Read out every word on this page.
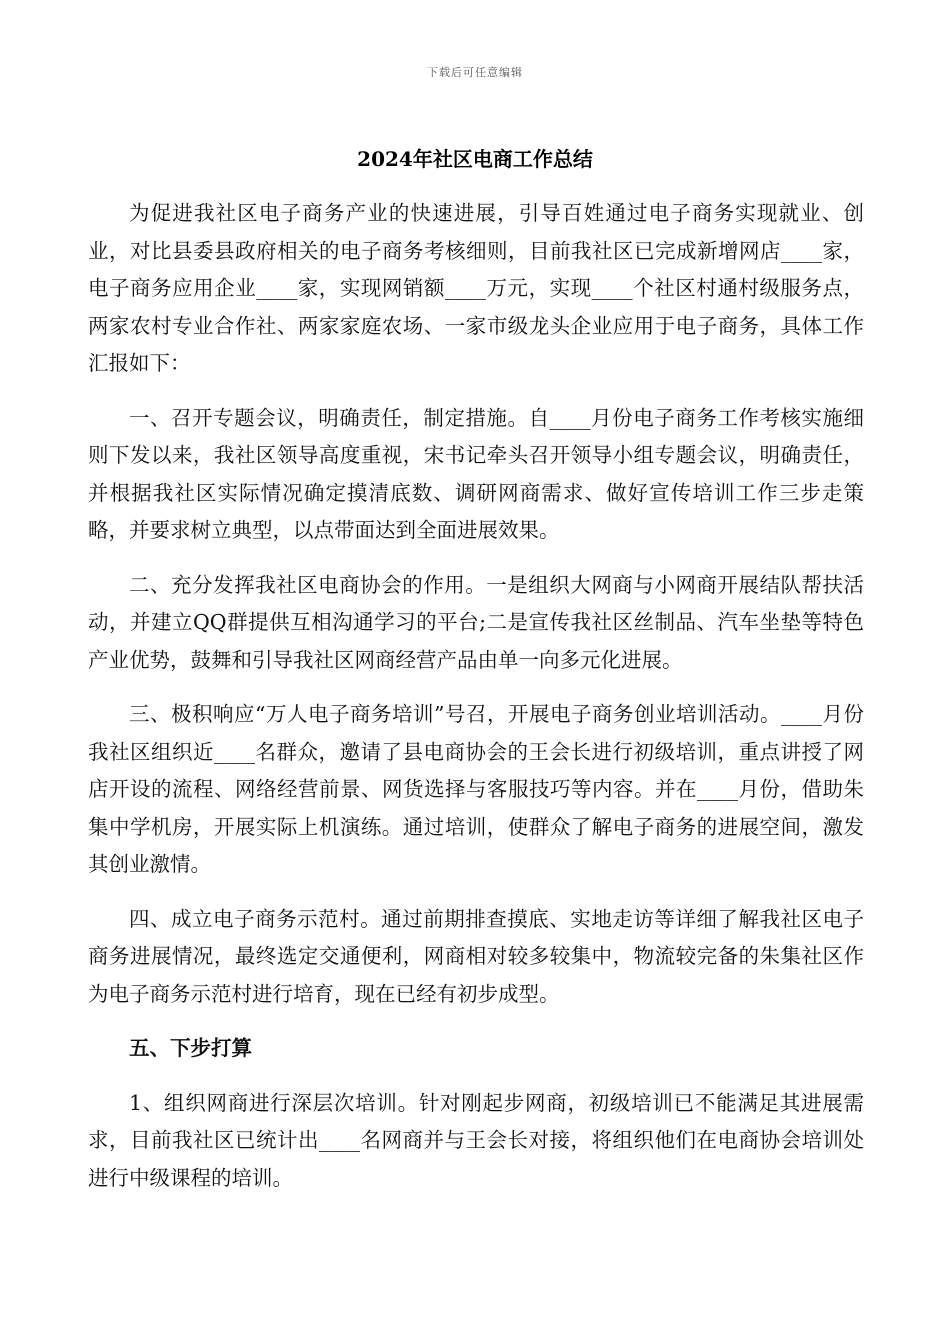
下载后可任意编辑
2024年社区电商工作总结

为促进我社区电子商务产业的快速进展，引导百姓通过电子商务实现就业、创业，对比县委县政府相关的电子商务考核细则，目前我社区已完成新增网店____家，电子商务应用企业____家，实现网销额____万元，实现____个社区村通村级服务点，两家农村专业合作社、两家家庭农场、一家市级龙头企业应用于电子商务，具体工作汇报如下：

一、召开专题会议，明确责任，制定措施。自____月份电子商务工作考核实施细则下发以来，我社区领导高度重视，宋书记牵头召开领导小组专题会议，明确责任，并根据我社区实际情况确定摸清底数、调研网商需求、做好宣传培训工作三步走策略，并要求树立典型，以点带面达到全面进展效果。

二、充分发挥我社区电商协会的作用。一是组织大网商与小网商开展结队帮扶活动，并建立QQ群提供互相沟通学习的平台;二是宣传我社区丝制品、汽车坐垫等特色产业优势，鼓舞和引导我社区网商经营产品由单一向多元化进展。

三、极积响应“万人电子商务培训”号召，开展电子商务创业培训活动。____月份我社区组织近____名群众，邀请了县电商协会的王会长进行初级培训，重点讲授了网店开设的流程、网络经营前景、网货选择与客服技巧等内容。并在____月份，借助朱集中学机房，开展实际上机演练。通过培训，使群众了解电子商务的进展空间，激发其创业激情。

四、成立电子商务示范村。通过前期排查摸底、实地走访等详细了解我社区电子商务进展情况，最终选定交通便利，网商相对较多较集中，物流较完备的朱集社区作为电子商务示范村进行培育，现在已经有初步成型。

五、下步打算

1、组织网商进行深层次培训。针对刚起步网商，初级培训已不能满足其进展需求，目前我社区已统计出____名网商并与王会长对接，将组织他们在电商协会培训处进行中级课程的培训。
